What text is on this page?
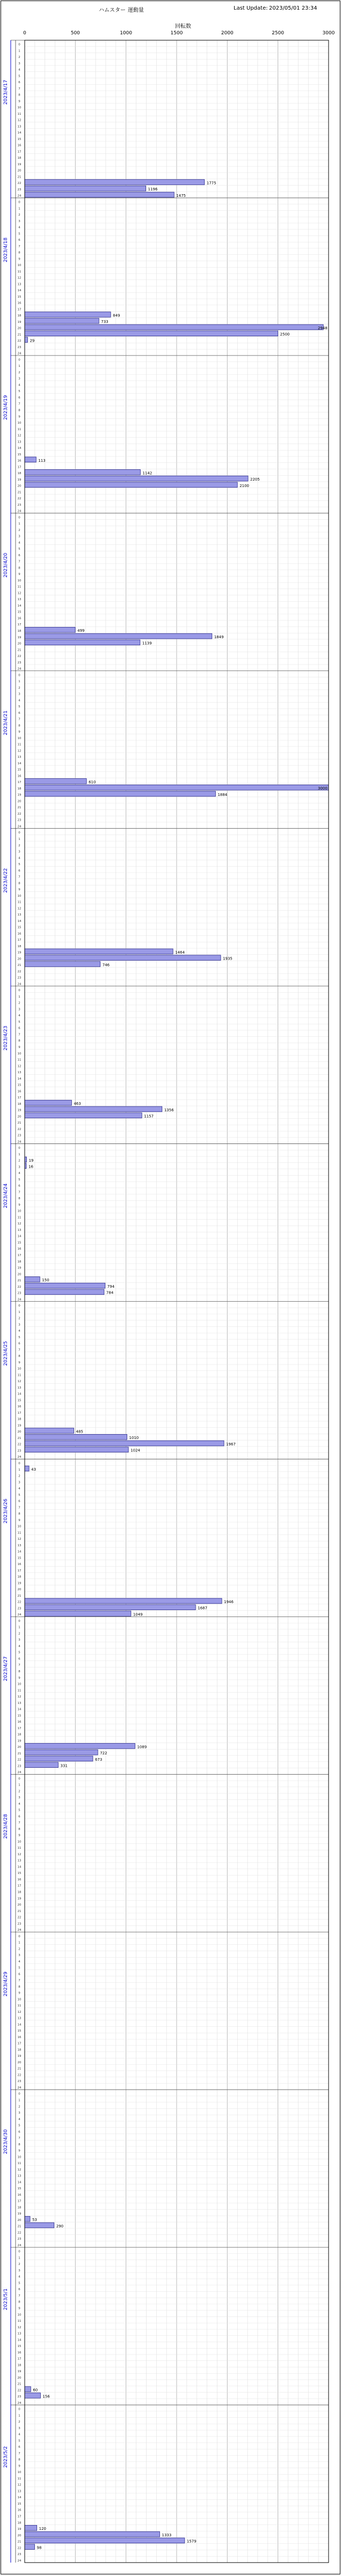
ハムスター 運動量	Last Update: 2023/05/01 23:34
回転数
0	500	1000	1500	2000	2500	3000
0
1
2
3
4
5
6
7
8
9
10
11
12
13
14
15
16
17
18
19
20
21
22
23
24
2023/4/17
1775
1196
1475
0
1
2
3
4
5
6
7
8
9
10
11
12
13
14
15
16
17
18
19
20
21
22
23
24
2023/4/18
849
733
2948
2500
29
0
1
2
3
4
5
6
7
8
9
10
11
12
13
14
15
16
17
18
19
20
21
22
23
24
2023/4/19
113
1142
2205
2100
0
1
2
3
4
5
6
7
8
9
10
11
12
13
14
15
16
17
18
19
20
21
22
23
24
2023/4/20
499
1849
1139
0
1
2
3
4
5
6
7
8
9
10
11
12
13
14
15
16
17
18
19
20
21
22
23
24
2023/4/21
610
3000
1884
0
1
2
3
4
5
6
7
8
9
10
11
12
13
14
15
16
17
18
19
20
21
22
23
24
2023/4/22
1464
1935
746
0
1
2
3
4
5
6
7
8
9
10
11
12
13
14
15
16
17
18
19
20
21
22
23
24
2023/4/23
463
1356
1157
0
1
2
3
4
5
6
7
8
9
10
11
12
13
14
15
16
17
18
19
20
21
22
23
24
2023/4/24
19
16
150
794
784
0
1
2
3
4
5
6
7
8
9
10
11
12
13
14
15
16
17
18
19
20
21
22
23
24
2023/4/25
485
1010
1967
1024
0
1
2
3
4
5
6
7
8
9
10
11
12
13
14
15
16
17
18
19
20
21
22
23
24
2023/4/26
43
1946
1687
1049
0
1
2
3
4
5
6
7
8
9
10
11
12
13
14
15
16
17
18
19
20
21
22
23
24
2023/4/27
1089
722
673
331
0
1
2
3
4
5
6
7
8
9
10
11
12
13
14
15
16
17
18
19
20
21
22
23
24
2023/4/28
0
1
2
3
4
5
6
7
8
9
10
11
12
13
14
15
16
17
18
19
20
21
22
23
24
2023/4/29
0
1
2
3
4
5
6
7
8
9
10
11
12
13
14
15
16
17
18
19
20
21
22
23
24
2023/4/30
53
290
0
1
2
3
4
5
6
7
8
9
10
11
12
13
14
15
16
17
18
19
20
21
22
23
24
2023/5/1
60
156
0
1
2
3
4
5
6
7
8
9
10
11
12
13
14
15
16
17
18
19
20
21
22
23
24
2023/5/2
120
1333
1579
98
